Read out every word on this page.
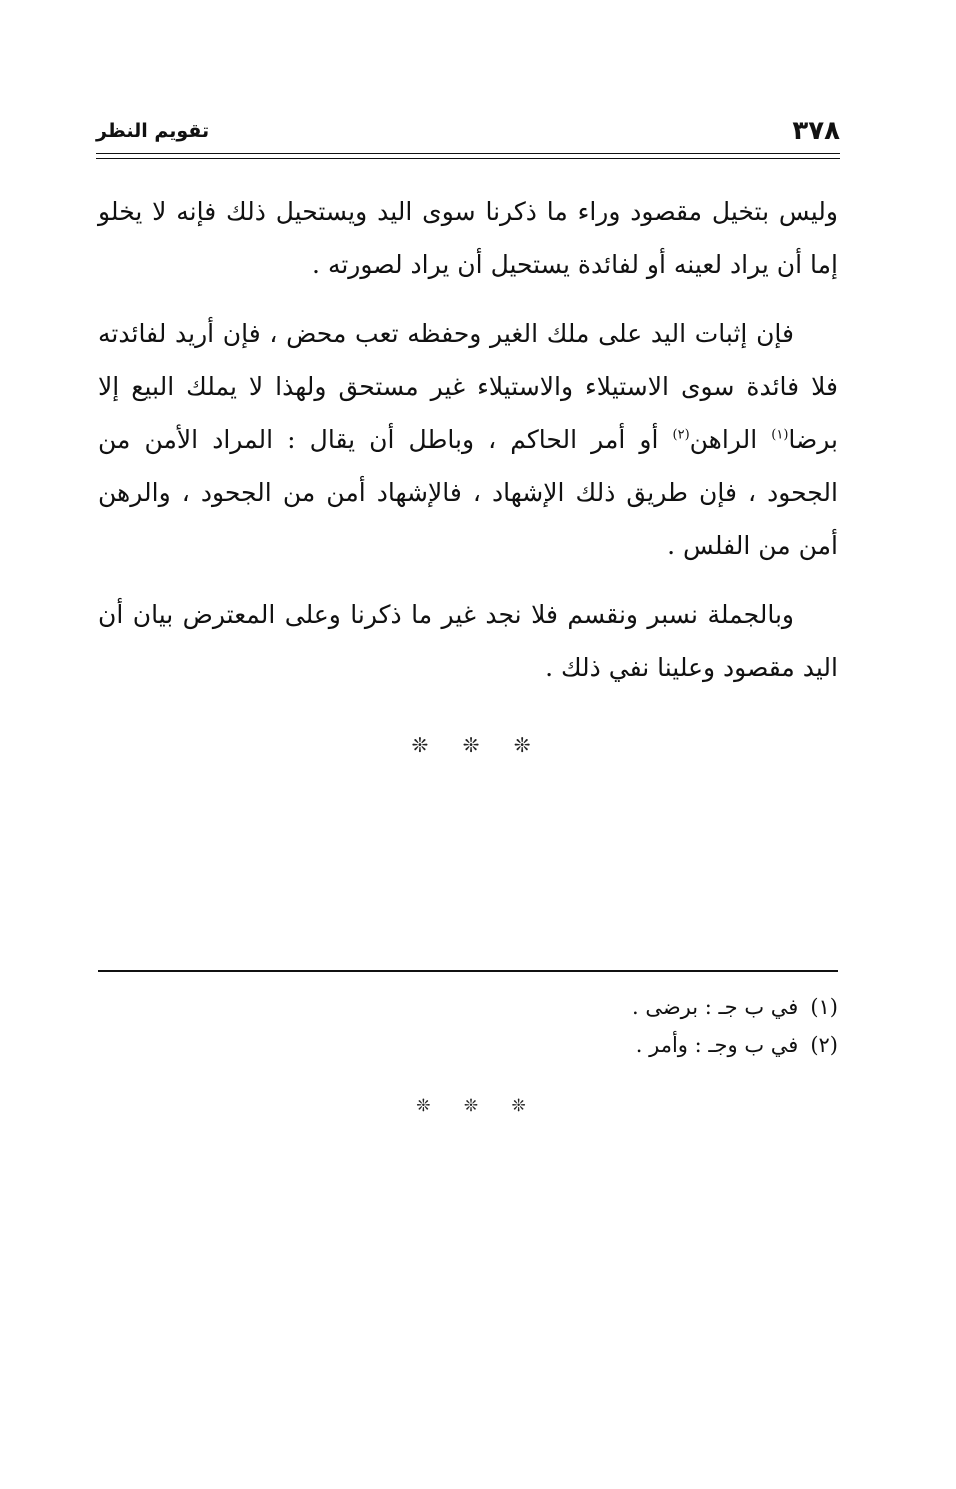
٣٧٨
تقويم النظر

وليس بتخيل مقصود وراء ما ذكرنا سوى اليد ويستحيل ذلك فإنه لا يخلو إما أن يراد لعينه أو لفائدة يستحيل أن يراد لصورته .

فإن إثبات اليد على ملك الغير وحفظه تعب محض ، فإن أريد لفائدته فلا فائدة سوى الاستيلاء والاستيلاء غير مستحق ولهذا لا يملك البيع إلا برضا$^{(١)}$ الراهن$^{(٢)}$ أو أمر الحاكم ، وباطل أن يقال : المراد الأمن من الجحود ، فإن طريق ذلك الإشهاد ، فالإشهاد أمن من الجحود ، والرهن أمن من الفلس .

وبالجملة نسبر ونقسم فلا نجد غير ما ذكرنا وعلى المعترض بيان أن اليد مقصود وعلينا نفي ذلك .

❊ ❊ ❊
(١)في ب جـ : برضى .
(٢)في ب وجـ : وأمر .
❊ ❊ ❊
